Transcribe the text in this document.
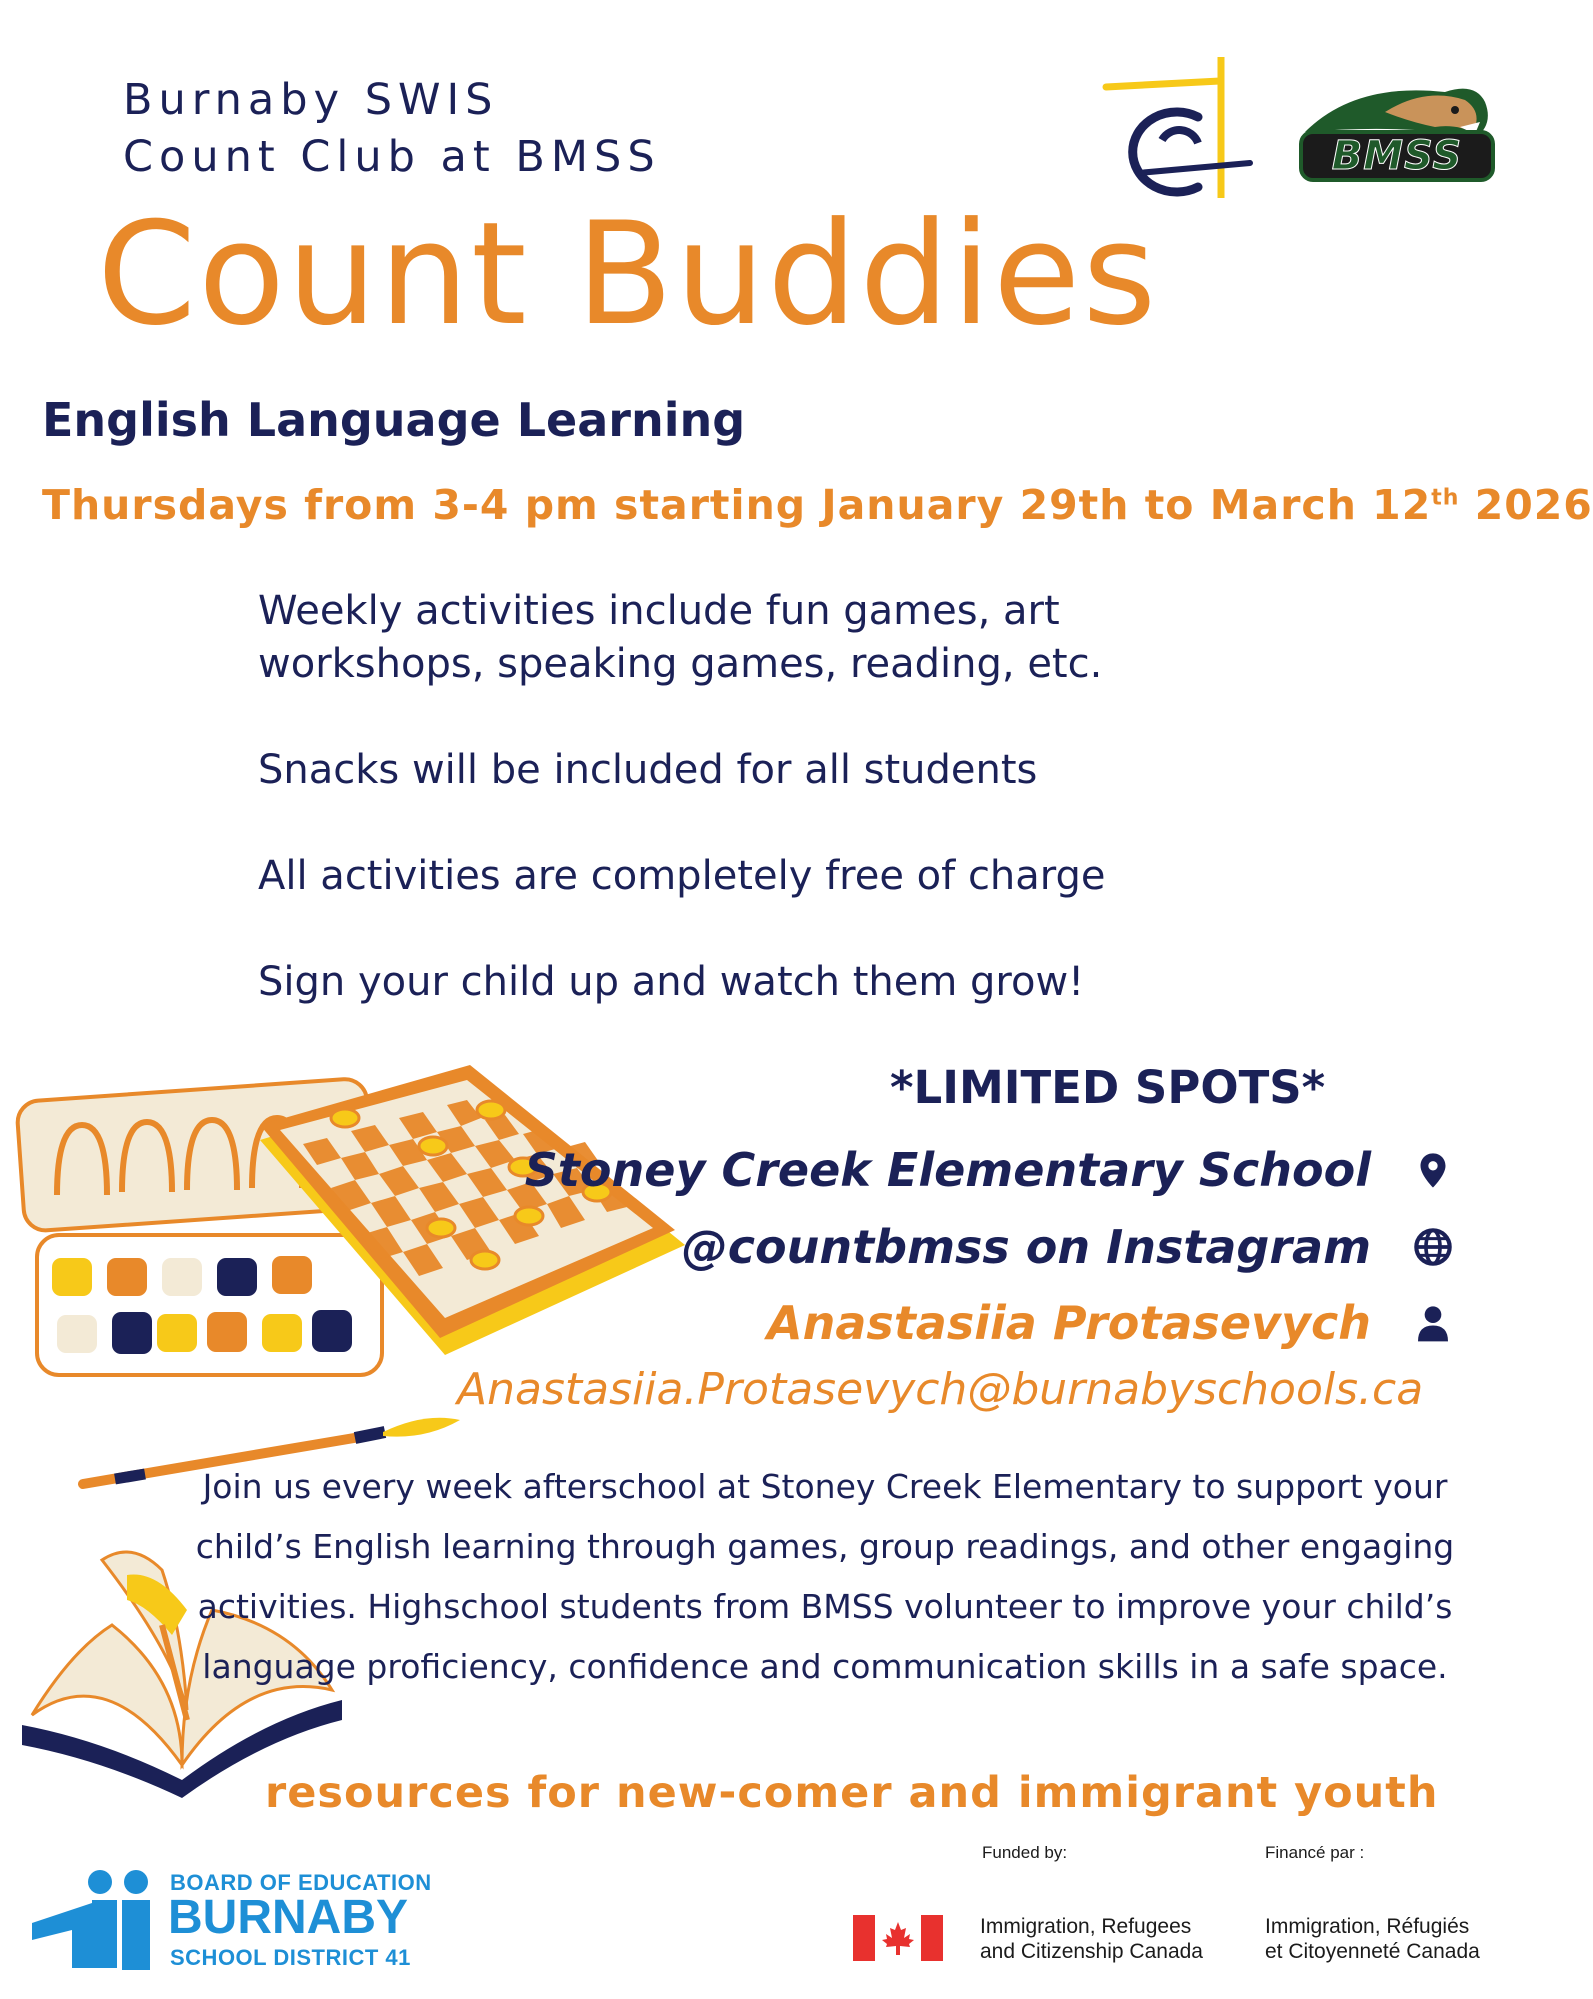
Burnaby SWIS
Count Club at BMSS	BMSS
Count Buddies
English Language Learning
Thursdays from 3-4 pm starting January 29th to March 12th 2026

Weekly activities include fun games, art workshops, speaking games, reading, etc.

Snacks will be included for all students

All activities are completely free of charge

Sign your child up and watch them grow!

*LIMITED SPOTS*
Stoney Creek Elementary School
@countbmss on Instagram
Anastasiia Protasevych
Anastasiia.Protasevych@burnabyschools.ca
Join us every week afterschool at Stoney Creek Elementary to support your child’s English learning through games, group readings, and other engaging activities. Highschool students from BMSS volunteer to improve your child’s language proficiency, confidence and communication skills in a safe space.
resources for new-comer and immigrant youth
BOARD OF EDUCATION
BURNABY
SCHOOL DISTRICT 41
Funded by:	Financé par :
Immigration, Refugees
and Citizenship Canada
Immigration, Réfugiés
et Citoyenneté Canada
